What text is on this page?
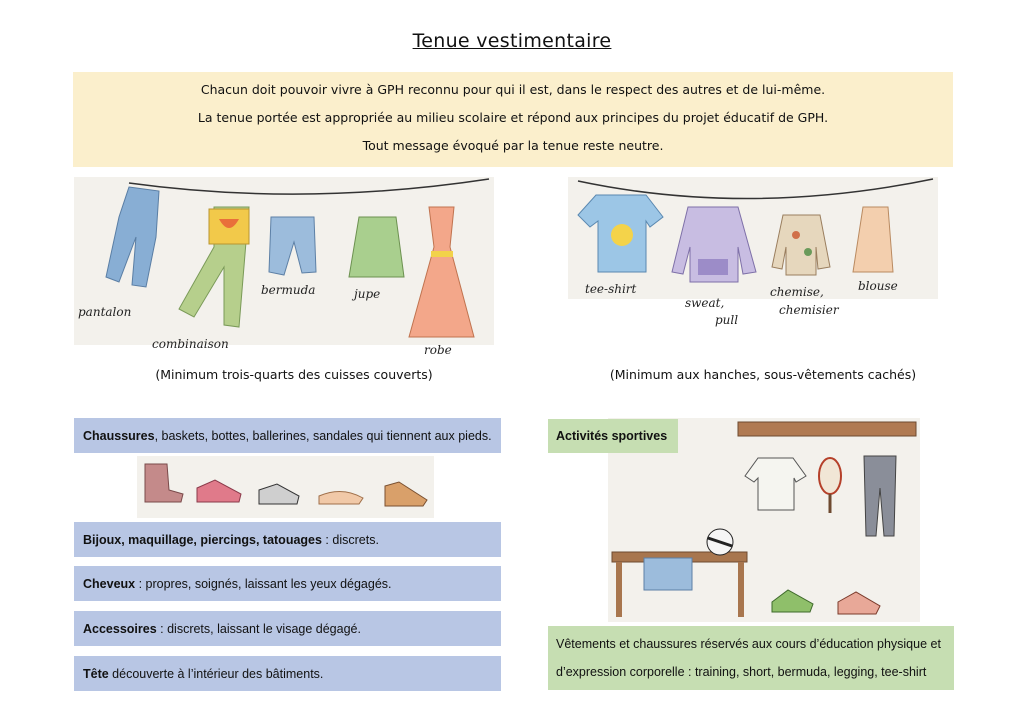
Tenue vestimentaire

Chacun doit pouvoir vivre à GPH reconnu pour qui il est, dans le respect des autres et de lui-même.

La tenue portée est appropriée au milieu scolaire et répond aux principes du projet éducatif de GPH.

Tout message évoqué par la tenue reste neutre.

pantalon
combinaison
bermuda	jupe
robe
(Minimum trois-quarts des cuisses couverts)
tee-shirt
sweat,
pull
chemise,
chemisier
blouse
(Minimum aux hanches, sous-vêtements cachés)
Chaussures, baskets, bottes, ballerines, sandales qui tiennent aux pieds.
Bijoux, maquillage, piercings, tatouages : discrets.
Cheveux : propres, soignés, laissant les yeux dégagés.
Accessoires : discrets, laissant le visage dégagé.
Tête découverte à l’intérieur des bâtiments.
Activités sportives

Vêtements et chaussures réservés aux cours d’éducation physique et

d’expression corporelle : training, short, bermuda, legging, tee-shirt
